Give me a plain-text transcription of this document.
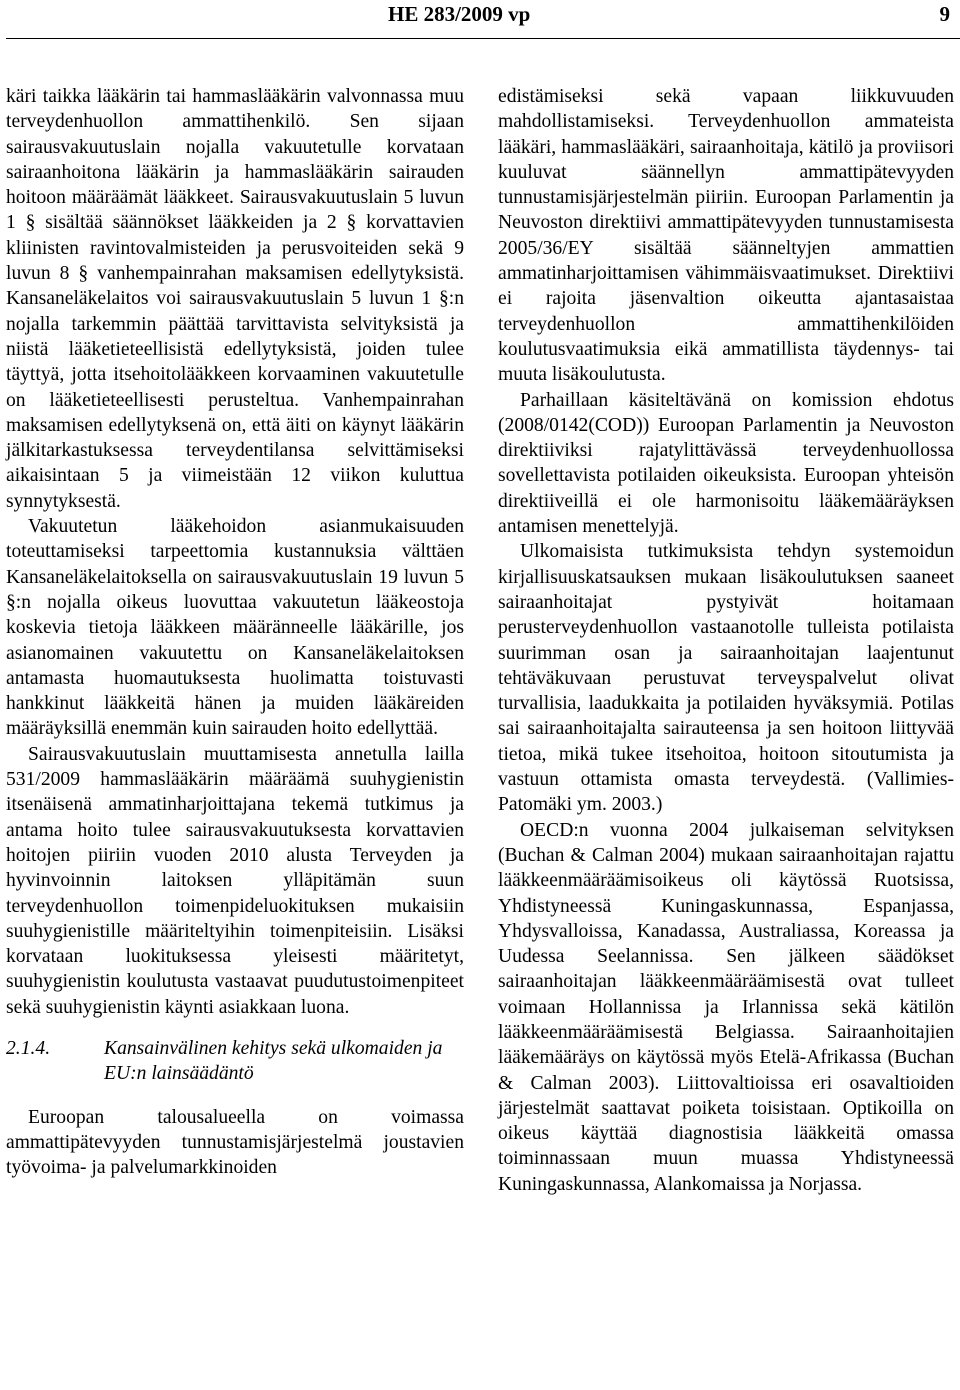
HE 283/2009 vp	9

käri taikka lääkärin tai hammaslääkärin valvonnassa muu terveydenhuollon ammattihenkilö. Sen sijaan sairausvakuutuslain nojalla vakuutetulle korvataan sairaanhoitona lääkärin ja hammaslääkärin sairauden hoitoon määräämät lääkkeet. Sairausvakuutuslain 5 luvun 1 § sisältää säännökset lääkkeiden ja 2 § korvattavien kliinisten ravintovalmisteiden ja perusvoiteiden sekä 9 luvun 8 § vanhempainrahan maksamisen edellytyksistä. Kansaneläkelaitos voi sairausvakuutuslain 5 luvun 1 §:n nojalla tarkemmin päättää tarvittavista selvityksistä ja niistä lääketieteellisistä edellytyksistä, joiden tulee täyttyä, jotta itsehoitolääkkeen korvaaminen vakuutetulle on lääketieteellisesti perusteltua. Vanhempainrahan maksamisen edellytyksenä on, että äiti on käynyt lääkärin jälkitarkastuksessa terveydentilansa selvittämiseksi aikaisintaan 5 ja viimeistään 12 viikon kuluttua synnytyksestä.

Vakuutetun lääkehoidon asianmukaisuuden toteuttamiseksi tarpeettomia kustannuksia välttäen Kansaneläkelaitoksella on sairausvakuutuslain 19 luvun 5 §:n nojalla oikeus luovuttaa vakuutetun lääkeostoja koskevia tietoja lääkkeen määränneelle lääkärille, jos asianomainen vakuutettu on Kansaneläkelaitoksen antamasta huomautuksesta huolimatta toistuvasti hankkinut lääkkeitä hänen ja muiden lääkäreiden määräyksillä enemmän kuin sairauden hoito edellyttää.

Sairausvakuutuslain muuttamisesta annetulla lailla 531/2009 hammaslääkärin määräämä suuhygienistin itsenäisenä ammatinharjoittajana tekemä tutkimus ja antama hoito tulee sairausvakuutuksesta korvattavien hoitojen piiriin vuoden 2010 alusta Terveyden ja hyvinvoinnin laitoksen ylläpitämän suun terveydenhuollon toimenpideluokituksen mukaisiin suuhygienistille määriteltyihin toimenpiteisiin. Lisäksi korvataan luokituksessa yleisesti määritetyt, suuhygienistin koulutusta vastaavat puudutustoimenpiteet sekä suuhygienistin käynti asiakkaan luona.

2.1.4.	Kansainvälinen kehitys sekä ulkomaiden ja EU:n lainsäädäntö

Euroopan talousalueella on voimassa ammattipätevyyden tunnustamisjärjestelmä joustavien työvoima- ja palvelumarkkinoiden

edistämiseksi sekä vapaan liikkuvuuden mahdollistamiseksi. Terveydenhuollon ammateista lääkäri, hammaslääkäri, sairaanhoitaja, kätilö ja proviisori kuuluvat säännellyn ammattipätevyyden tunnustamisjärjestelmän piiriin. Euroopan Parlamentin ja Neuvoston direktiivi ammattipätevyyden tunnustamisesta 2005/36/EY sisältää säänneltyjen ammattien ammatinharjoittamisen vähimmäisvaatimukset. Direktiivi ei rajoita jäsenvaltion oikeutta ajantasaistaa terveydenhuollon ammattihenkilöiden koulutusvaatimuksia eikä ammatillista täydennys- tai muuta lisäkoulutusta.

Parhaillaan käsiteltävänä on komission ehdotus (2008/0142(COD)) Euroopan Parlamentin ja Neuvoston direktiiviksi rajatylittävässä terveydenhuollossa sovellettavista potilaiden oikeuksista. Euroopan yhteisön direktiiveillä ei ole harmonisoitu lääkemääräyksen antamisen menettelyjä.

Ulkomaisista tutkimuksista tehdyn systemoidun kirjallisuuskatsauksen mukaan lisäkoulutuksen saaneet sairaanhoitajat pystyivät hoitamaan perusterveydenhuollon vastaanotolle tulleista potilaista suurimman osan ja sairaanhoitajan laajentunut tehtäväkuvaan perustuvat terveyspalvelut olivat turvallisia, laadukkaita ja potilaiden hyväksymiä. Potilas sai sairaanhoitajalta sairauteensa ja sen hoitoon liittyvää tietoa, mikä tukee itsehoitoa, hoitoon sitoutumista ja vastuun ottamista omasta terveydestä. (Vallimies-Patomäki ym. 2003.)

OECD:n vuonna 2004 julkaiseman selvityksen (Buchan & Calman 2004) mukaan sairaanhoitajan rajattu lääkkeenmääräämisoikeus oli käytössä Ruotsissa, Yhdistyneessä Kuningaskunnassa, Espanjassa, Yhdysvalloissa, Kanadassa, Australiassa, Koreassa ja Uudessa Seelannissa. Sen jälkeen säädökset sairaanhoitajan lääkkeenmääräämisestä ovat tulleet voimaan Hollannissa ja Irlannissa sekä kätilön lääkkeenmääräämisestä Belgiassa. Sairaanhoitajien lääkemääräys on käytössä myös Etelä-Afrikassa (Buchan & Calman 2003). Liittovaltioissa eri osavaltioiden järjestelmät saattavat poiketa toisistaan. Optikoilla on oikeus käyttää diagnostisia lääkkeitä omassa toiminnassaan muun muassa Yhdistyneessä Kuningaskunnassa, Alankomaissa ja Norjassa.
